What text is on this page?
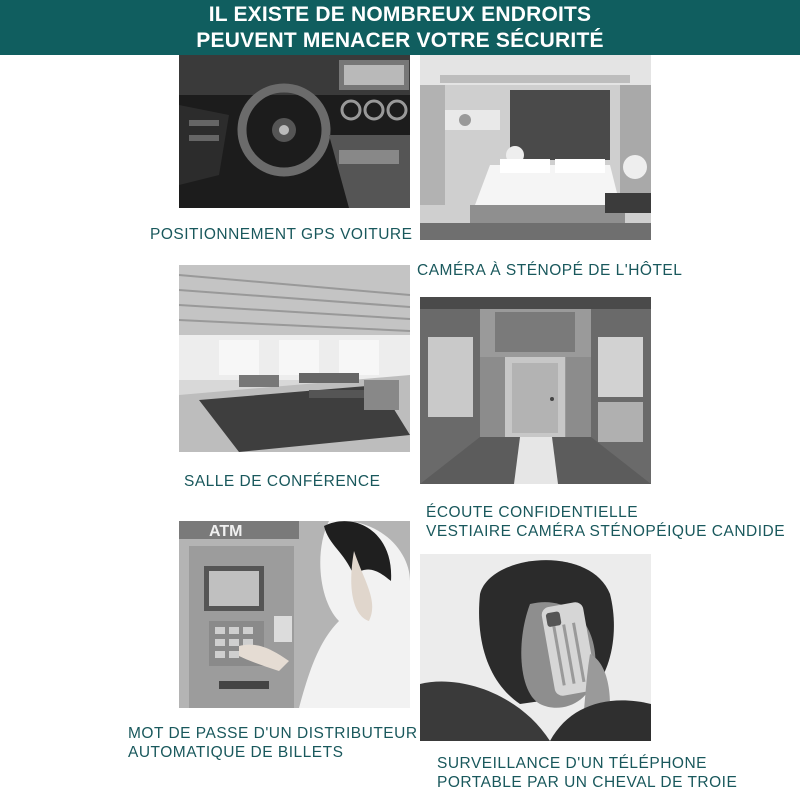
IL EXISTE DE NOMBREUX ENDROITS
PEUVENT MENACER VOTRE SÉCURITÉ
ATM
POSITIONNEMENT GPS VOITURE
CAMÉRA À STÉNOPÉ DE L'HÔTEL
SALLE DE CONFÉRENCE
ÉCOUTE CONFIDENTIELLE
VESTIAIRE CAMÉRA STÉNOPÉIQUE CANDIDE
MOT DE PASSE D'UN DISTRIBUTEUR
AUTOMATIQUE DE BILLETS
SURVEILLANCE D'UN TÉLÉPHONE
PORTABLE PAR UN CHEVAL DE TROIE
